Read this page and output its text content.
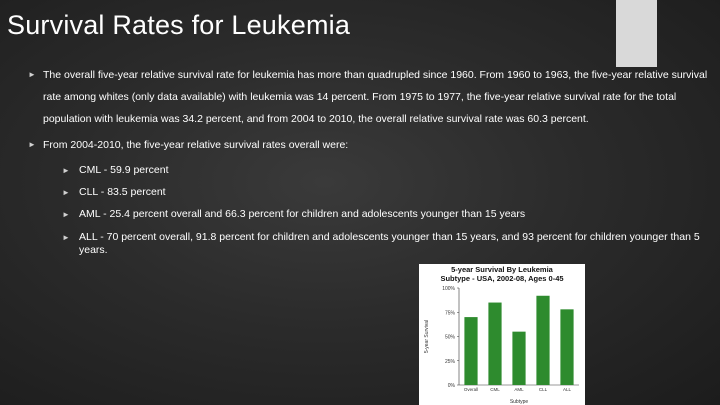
Survival Rates for Leukemia
► The overall five-year relative survival rate for leukemia has more than quadrupled since 1960. From 1960 to 1963, the five-year relative survival rate among whites (only data available) with leukemia was 14 percent. From 1975 to 1977, the five-year relative survival rate for the total population with leukemia was 34.2 percent, and from 2004 to 2010, the overall relative survival rate was 60.3 percent.
► From 2004-2010, the five-year relative survival rates overall were:
► CML - 59.9 percent
► CLL - 83.5 percent
► AML - 25.4 percent overall and 66.3 percent for children and adolescents younger than 15 years
► ALL - 70 percent overall, 91.8 percent for children and adolescents younger than 15 years, and 93 percent for children younger than 5 years.
5-year Survival By Leukemia
Subtype - USA, 2002-08, Ages 0-45
0%
25%
50%
75%
100%
5-year Survival
Overall	CML	AML	CLL	ALL
Subtype
